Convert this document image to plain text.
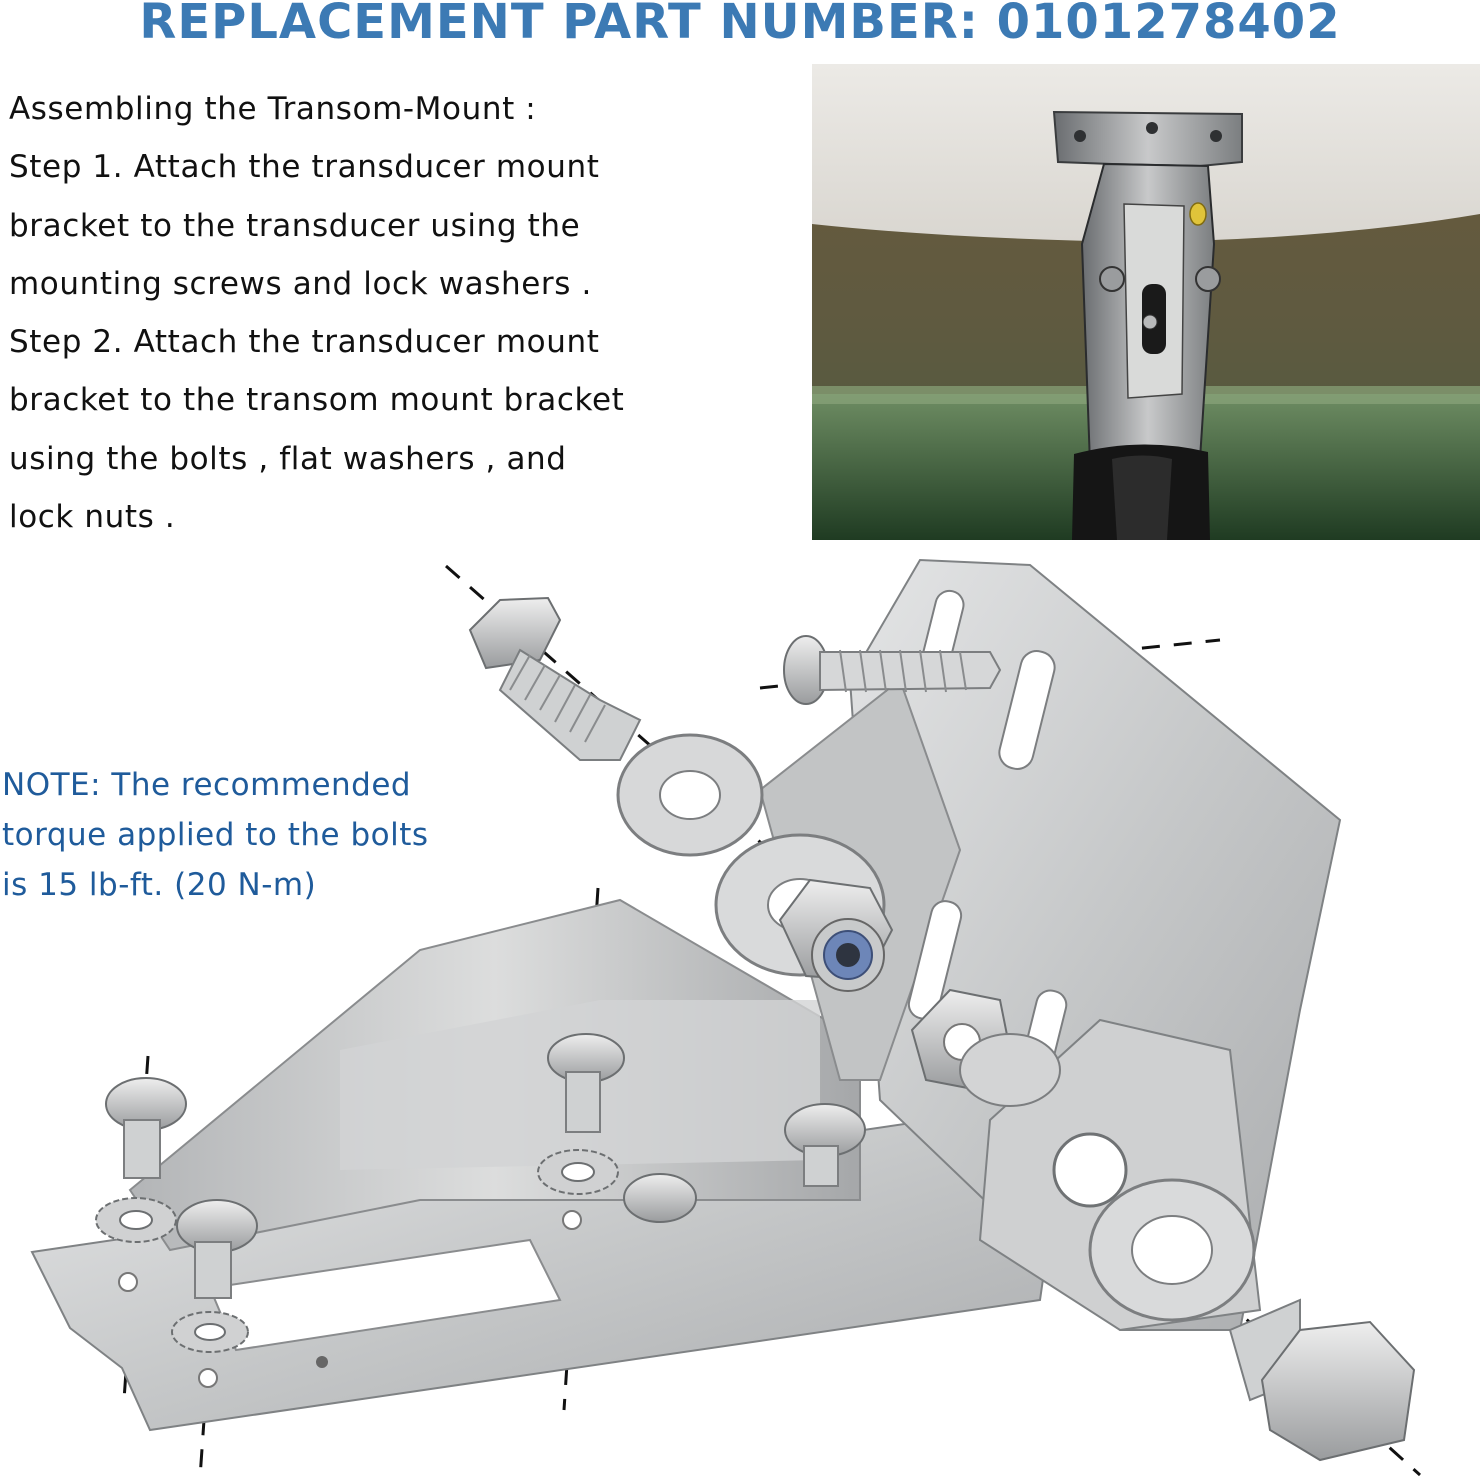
REPLACEMENT PART NUMBER: 0101278402
Assembling the Transom-Mount :
Step 1. Attach the transducer mount
bracket to the transducer using the
mounting screws and lock washers .
Step 2. Attach the transducer mount
bracket to the transom mount bracket
using the bolts , flat washers , and
lock nuts .
NOTE: The recommended
torque applied to the bolts
is 15 lb-ft. (20 N-m)
